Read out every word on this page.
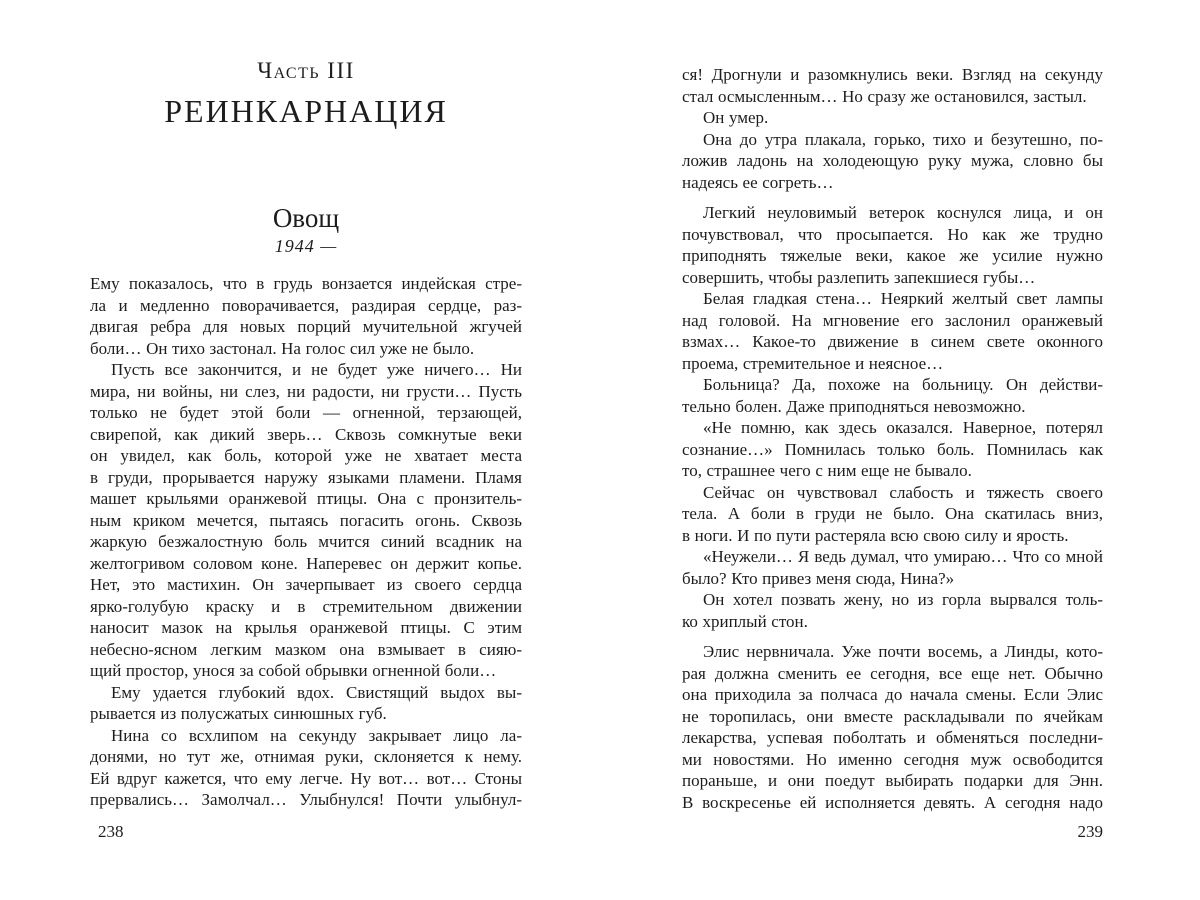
Часть III
РЕИНКАРНАЦИЯ
Овощ
1944 —
Ему показалось, что в грудь вонзается индейская стре-
ла и медленно поворачивается, раздирая сердце, раз-
двигая ребра для новых порций мучительной жгучей
боли… Он тихо застонал. На голос сил уже не было.
Пусть все закончится, и не будет уже ничего… Ни
мира, ни войны, ни слез, ни радости, ни грусти… Пусть
только не будет этой боли — огненной, терзающей,
свирепой, как дикий зверь… Сквозь сомкнутые веки
он увидел, как боль, которой уже не хватает места
в груди, прорывается наружу языками пламени. Пламя
машет крыльями оранжевой птицы. Она с пронзитель-
ным криком мечется, пытаясь погасить огонь. Сквозь
жаркую безжалостную боль мчится синий всадник на
желтогривом соловом коне. Наперевес он держит копье.
Нет, это мастихин. Он зачерпывает из своего сердца
ярко-голубую краску и в стремительном движении
наносит мазок на крылья оранжевой птицы. С этим
небесно-ясном легким мазком она взмывает в сияю-
щий простор, унося за собой обрывки огненной боли…
Ему удается глубокий вдох. Свистящий выдох вы-
рывается из полусжатых синюшных губ.
Нина со всхлипом на секунду закрывает лицо ла-
донями, но тут же, отнимая руки, склоняется к нему.
Ей вдруг кажется, что ему легче. Ну вот… вот… Стоны
прервались… Замолчал… Улыбнулся! Почти улыбнул-
238
ся! Дрогнули и разомкнулись веки. Взгляд на секунду
стал осмысленным… Но сразу же остановился, застыл.
Он умер.
Она до утра плакала, горько, тихо и безутешно, по-
ложив ладонь на холодеющую руку мужа, словно бы
надеясь ее согреть…
Легкий неуловимый ветерок коснулся лица, и он
почувствовал, что просыпается. Но как же трудно
приподнять тяжелые веки, какое же усилие нужно
совершить, чтобы разлепить запекшиеся губы…
Белая гладкая стена… Неяркий желтый свет лампы
над головой. На мгновение его заслонил оранжевый
взмах… Какое-то движение в синем свете оконного
проема, стремительное и неясное…
Больница? Да, похоже на больницу. Он действи-
тельно болен. Даже приподняться невозможно.
«Не помню, как здесь оказался. Наверное, потерял
сознание…» Помнилась только боль. Помнилась как
то, страшнее чего с ним еще не бывало.
Сейчас он чувствовал слабость и тяжесть своего
тела. А боли в груди не было. Она скатилась вниз,
в ноги. И по пути растеряла всю свою силу и ярость.
«Неужели… Я ведь думал, что умираю… Что со мной
было? Кто привез меня сюда, Нина?»
Он хотел позвать жену, но из горла вырвался толь-
ко хриплый стон.
Элис нервничала. Уже почти восемь, а Линды, кото-
рая должна сменить ее сегодня, все еще нет. Обычно
она приходила за полчаса до начала смены. Если Элис
не торопилась, они вместе раскладывали по ячейкам
лекарства, успевая поболтать и обменяться последни-
ми новостями. Но именно сегодня муж освободится
пораньше, и они поедут выбирать подарки для Энн.
В воскресенье ей исполняется девять. А сегодня надо
239
